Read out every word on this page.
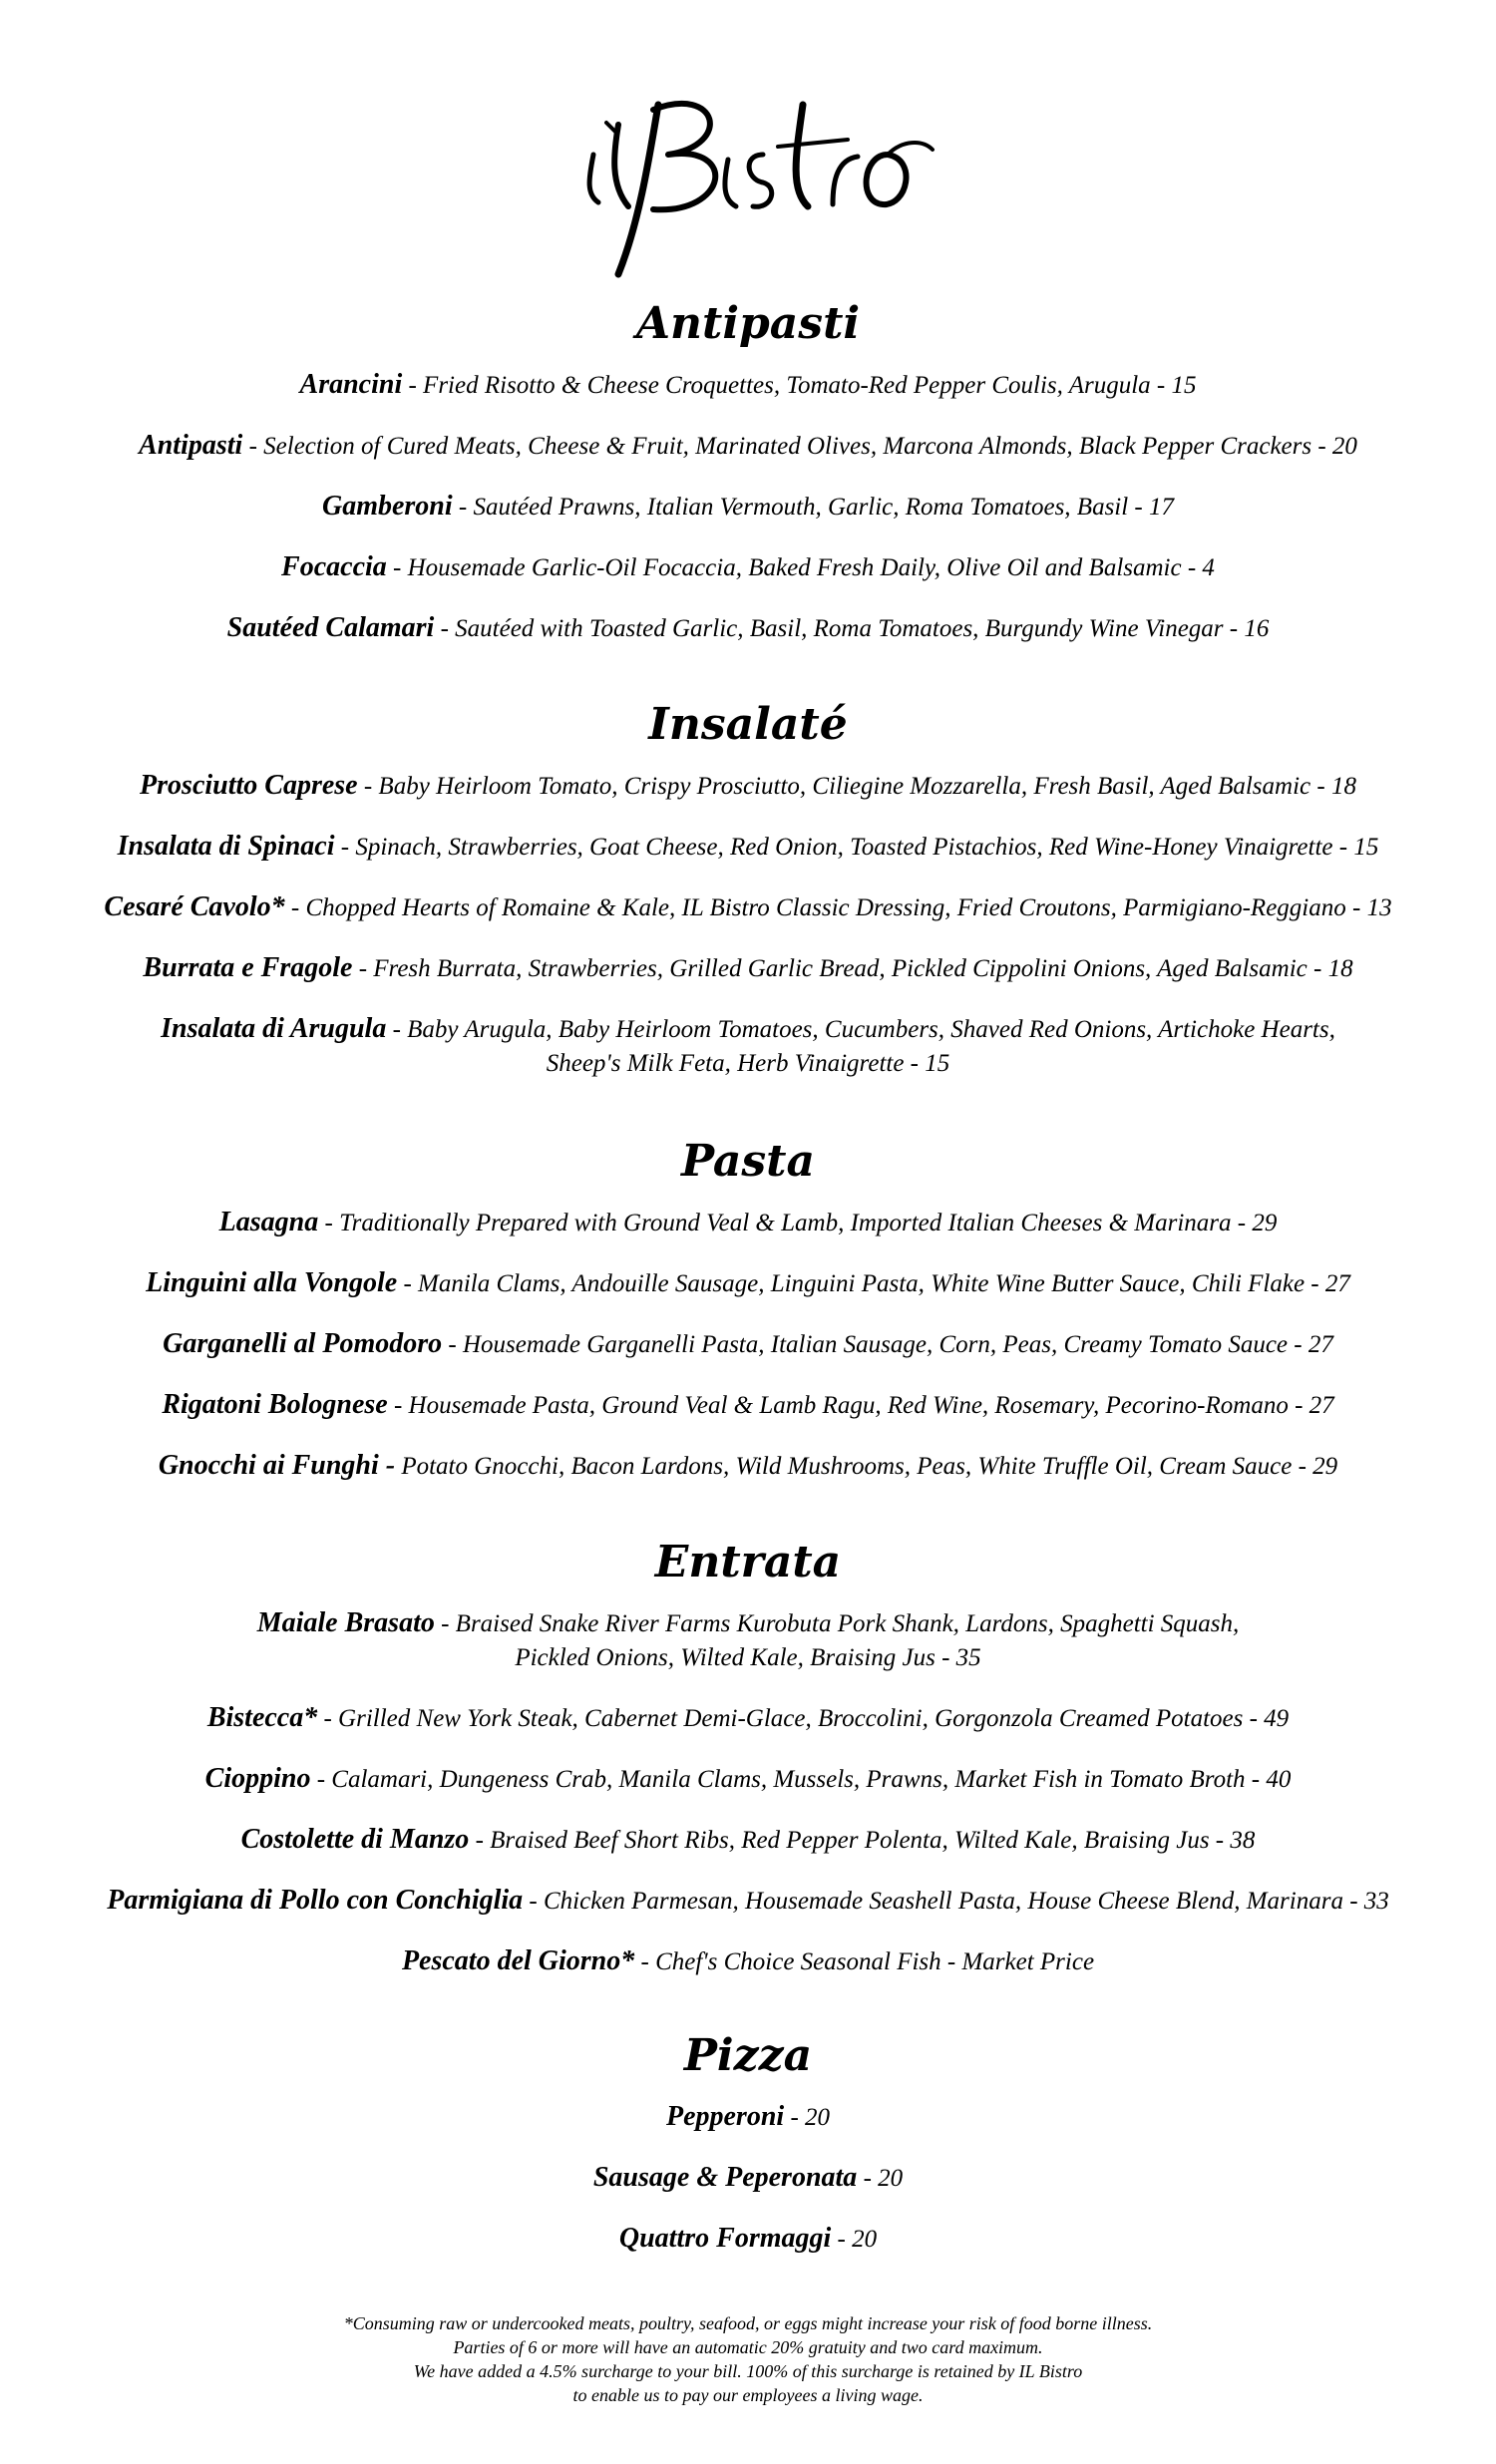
Antipasti
Arancini - Fried Risotto & Cheese Croquettes, Tomato-Red Pepper Coulis, Arugula - 15
Antipasti - Selection of Cured Meats, Cheese & Fruit, Marinated Olives, Marcona Almonds, Black Pepper Crackers - 20
Gamberoni - Sautéed Prawns, Italian Vermouth, Garlic, Roma Tomatoes, Basil - 17
Focaccia - Housemade Garlic-Oil Focaccia, Baked Fresh Daily, Olive Oil and Balsamic - 4
Sautéed Calamari - Sautéed with Toasted Garlic, Basil, Roma Tomatoes, Burgundy Wine Vinegar - 16
Insalaté
Prosciutto Caprese - Baby Heirloom Tomato, Crispy Prosciutto, Ciliegine Mozzarella, Fresh Basil, Aged Balsamic - 18
Insalata di Spinaci - Spinach, Strawberries, Goat Cheese, Red Onion, Toasted Pistachios, Red Wine-Honey Vinaigrette - 15
Cesaré Cavolo* - Chopped Hearts of Romaine & Kale, IL Bistro Classic Dressing, Fried Croutons, Parmigiano-Reggiano - 13
Burrata e Fragole - Fresh Burrata, Strawberries, Grilled Garlic Bread, Pickled Cippolini Onions, Aged Balsamic - 18
Insalata di Arugula - Baby Arugula, Baby Heirloom Tomatoes, Cucumbers, Shaved Red Onions, Artichoke Hearts,
Sheep's Milk Feta, Herb Vinaigrette - 15
Pasta
Lasagna - Traditionally Prepared with Ground Veal & Lamb, Imported Italian Cheeses & Marinara - 29
Linguini alla Vongole - Manila Clams, Andouille Sausage, Linguini Pasta, White Wine Butter Sauce, Chili Flake - 27
Garganelli al Pomodoro - Housemade Garganelli Pasta, Italian Sausage, Corn, Peas, Creamy Tomato Sauce - 27
Rigatoni Bolognese - Housemade Pasta, Ground Veal & Lamb Ragu, Red Wine, Rosemary, Pecorino-Romano - 27
Gnocchi ai Funghi - Potato Gnocchi, Bacon Lardons, Wild Mushrooms, Peas, White Truffle Oil, Cream Sauce - 29
Entrata
Maiale Brasato - Braised Snake River Farms Kurobuta Pork Shank, Lardons, Spaghetti Squash,
Pickled Onions, Wilted Kale, Braising Jus - 35
Bistecca* - Grilled New York Steak, Cabernet Demi-Glace, Broccolini, Gorgonzola Creamed Potatoes - 49
Cioppino - Calamari, Dungeness Crab, Manila Clams, Mussels, Prawns, Market Fish in Tomato Broth - 40
Costolette di Manzo - Braised Beef Short Ribs, Red Pepper Polenta, Wilted Kale, Braising Jus - 38
Parmigiana di Pollo con Conchiglia - Chicken Parmesan, Housemade Seashell Pasta, House Cheese Blend, Marinara - 33
Pescato del Giorno* - Chef's Choice Seasonal Fish - Market Price
Pizza
Pepperoni - 20
Sausage & Peperonata - 20
Quattro Formaggi - 20
*Consuming raw or undercooked meats, poultry, seafood, or eggs might increase your risk of food borne illness.
Parties of 6 or more will have an automatic 20% gratuity and two card maximum.
We have added a 4.5% surcharge to your bill. 100% of this surcharge is retained by IL Bistro
to enable us to pay our employees a living wage.
